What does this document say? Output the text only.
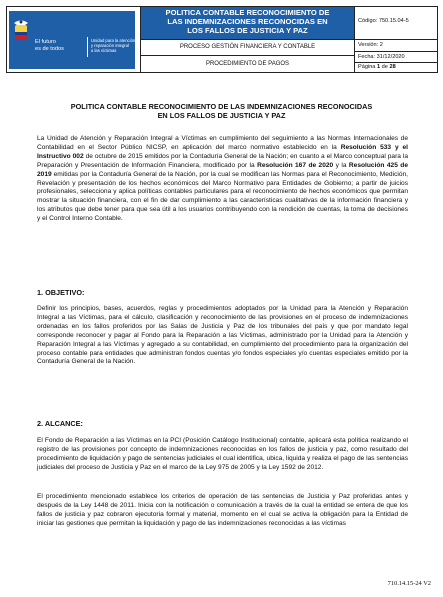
El futuro
es de todos
Unidad para la atención
y reparación integral
a las víctimas
POLITICA CONTABLE RECONOCIMIENTO DE
LAS INDEMNIZACIONES RECONOCIDAS EN
LOS FALLOS DE JUSTICIA Y PAZ
PROCESO GESTIÓN FINANCIERA Y CONTABLE
PROCEDIMIENTO DE PAGOS
Código: 750.15.04-5
Versión: 2
Fecha: 31/12/2020
Página 1 de 28
POLITICA CONTABLE RECONOCIMIENTO DE LAS INDEMNIZACIONES RECONOCIDAS
EN LOS FALLOS DE JUSTICIA Y PAZ
La Unidad de Atención y Reparación Integral a Víctimas en cumplimiento del seguimiento a las Normas Internacionales de Contabilidad en el Sector Público NICSP, en aplicación del marco normativo establecido en la Resolución 533 y el Instructivo 002 de octubre de 2015 emitidos por la Contaduría General de la Nación; en cuanto a el Marco conceptual para la Preparación y Presentación de Información Financiera, modificado por la Resolución 167 de 2020 y la Resolución 425 de 2019 emitidas por la Contaduría General de la Nación, por la cual se modifican las Normas para el Reconocimiento, Medición, Revelación y presentación de los hechos económicos del Marco Normativo para Entidades de Gobierno; a partir de juicios profesionales, selecciona y aplica políticas contables particulares para el reconocimiento de hechos económicos que permitan mostrar la situación financiera, con el fin de dar cumplimiento a las características cualitativas de la información financiera y los atributos que debe tener para que sea útil a los usuarios contribuyendo con la rendición de cuentas, la toma de decisiones y el Control Interno Contable.
1. OBJETIVO:
Definir los principios, bases, acuerdos, reglas y procedimientos adoptados por la Unidad para la Atención y Reparación Integral a las Víctimas, para el cálculo, clasificación y reconocimiento de las provisiones en el proceso de indemnizaciones ordenadas en los fallos proferidos por las Salas de Justicia y Paz de los tribunales del país y que por mandato legal corresponde reconocer y pagar al Fondo para la Reparación a las Víctimas, administrado por la Unidad para la Atención y Reparación Integral a las Víctimas y agregado a su contabilidad, en cumplimiento del procedimiento para la organización del proceso contable para entidades que administran fondos cuentas y/o fondos especiales y/o cuentas especiales emitido por la Contaduría General de la Nación.
2. ALCANCE:
El Fondo de Reparación a las Víctimas en la PCI (Posición Catálogo Institucional) contable, aplicará esta política realizando el registro de las provisiones por concepto de indemnizaciones reconocidas en los fallos de justicia y paz, como resultado del procedimiento de liquidación y pago de sentencias judiciales el cual identifica, ubica, liquida y realiza el pago de las sentencias judiciales del proceso de Justicia y Paz en el marco de la Ley 975 de 2005 y la Ley 1592 de 2012.
El procedimiento mencionado establece los criterios de operación de las sentencias de Justicia y Paz proferidas antes y después de la Ley 1448 de 2011. Inicia con la notificación o comunicación a través de la cual la entidad se entera de que los fallos de justicia y paz cobraron ejecutoria formal y material, momento en el cual se activa la obligación para la Entidad de iniciar las gestiones que permitan la liquidación y pago de las indemnizaciones reconocidas a las víctimas
710.14.15-24 V2
